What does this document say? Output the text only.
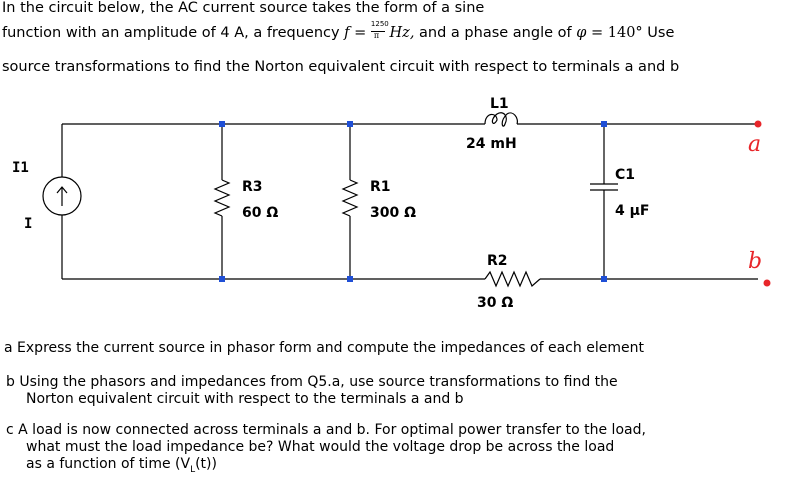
In the circuit below, the AC current source takes the form of a sine
function with an amplitude of 4 A, a frequency $f = \frac{1250}{\pi} Hz$, and a phase angle of φ = 140° Use
source transformations to find the Norton equivalent circuit with respect to terminals a and b
I1
I
R3
60 Ω
R1
300 Ω
L1
24 mH
C1
4 µF
R2
30 Ω
a
b
a Express the current source in phasor form and compute the impedances of each element
b Using the phasors and impedances from Q5.a, use source transformations to find the
Norton equivalent circuit with respect to the terminals a and b
c A load is now connected across terminals a and b. For optimal power transfer to the load,
what must the load impedance be? What would the voltage drop be across the load
as a function of time $(V_L(t))$
